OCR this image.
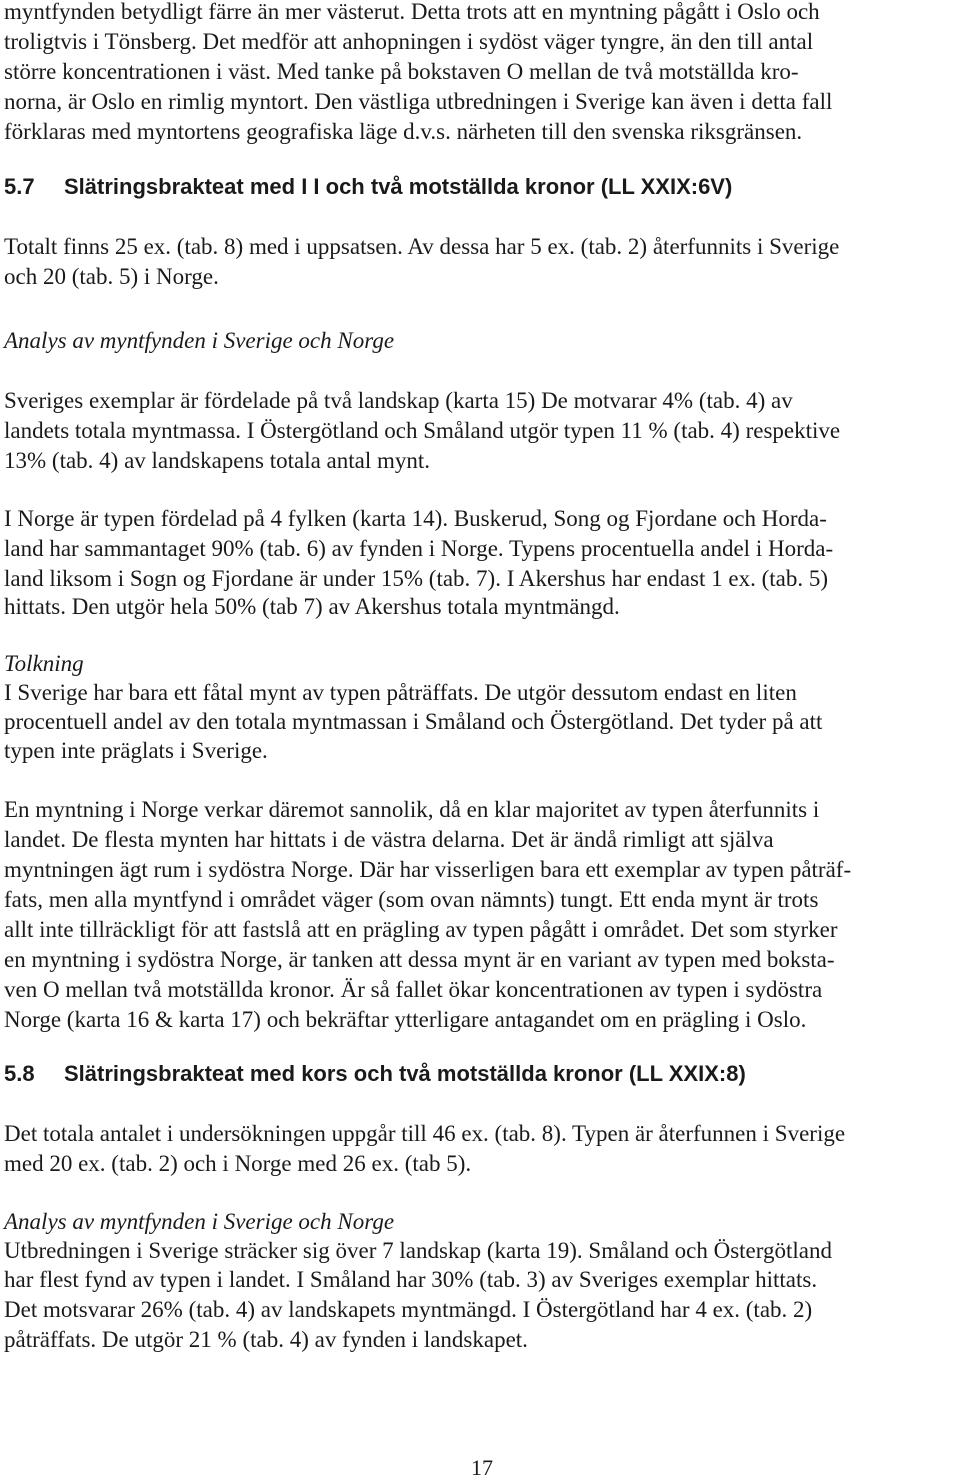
myntfynden betydligt färre än mer västerut. Detta trots att en myntning pågått i Oslo och
troligtvis i Tönsberg. Det medför att anhopningen i sydöst väger tyngre, än den till antal
större koncentrationen i väst. Med tanke på bokstaven O mellan de två motställda kro-
norna, är Oslo en rimlig myntort. Den västliga utbredningen i Sverige kan även i detta fall
förklaras med myntortens geografiska läge d.v.s. närheten till den svenska riksgränsen.
5.7 Slätringsbrakteat med I I och två motställda kronor (LL XXIX:6V)
Totalt finns 25 ex. (tab. 8) med i uppsatsen. Av dessa har 5 ex. (tab. 2) återfunnits i Sverige
och 20 (tab. 5) i Norge.
Analys av myntfynden i Sverige och Norge
Sveriges exemplar är fördelade på två landskap (karta 15) De motvarar 4% (tab. 4) av
landets totala myntmassa. I Östergötland och Småland utgör typen 11 % (tab. 4) respektive
13% (tab. 4) av landskapens totala antal mynt.
I Norge är typen fördelad på 4 fylken (karta 14). Buskerud, Song og Fjordane och Horda-
land har sammantaget 90% (tab. 6) av fynden i Norge. Typens procentuella andel i Horda-
land liksom i Sogn og Fjordane är under 15% (tab. 7). I Akershus har endast 1 ex. (tab. 5)
hittats. Den utgör hela 50% (tab 7) av Akershus totala myntmängd.
Tolkning
I Sverige har bara ett fåtal mynt av typen påträffats. De utgör dessutom endast en liten
procentuell andel av den totala myntmassan i Småland och Östergötland. Det tyder på att
typen inte präglats i Sverige.
En myntning i Norge verkar däremot sannolik, då en klar majoritet av typen återfunnits i
landet. De flesta mynten har hittats i de västra delarna. Det är ändå rimligt att själva
myntningen ägt rum i sydöstra Norge. Där har visserligen bara ett exemplar av typen påträf-
fats, men alla myntfynd i området väger (som ovan nämnts) tungt. Ett enda mynt är trots
allt inte tillräckligt för att fastslå att en prägling av typen pågått i området. Det som styrker
en myntning i sydöstra Norge, är tanken att dessa mynt är en variant av typen med boksta-
ven O mellan två motställda kronor. Är så fallet ökar koncentrationen av typen i sydöstra
Norge (karta 16 & karta 17) och bekräftar ytterligare antagandet om en prägling i Oslo.
5.8 Slätringsbrakteat med kors och två motställda kronor (LL XXIX:8)
Det totala antalet i undersökningen uppgår till 46 ex. (tab. 8). Typen är återfunnen i Sverige
med 20 ex. (tab. 2) och i Norge med 26 ex. (tab 5).
Analys av myntfynden i Sverige och Norge
Utbredningen i Sverige sträcker sig över 7 landskap (karta 19). Småland och Östergötland
har flest fynd av typen i landet. I Småland har 30% (tab. 3) av Sveriges exemplar hittats.
Det motsvarar 26% (tab. 4) av landskapets myntmängd. I Östergötland har 4 ex. (tab. 2)
påträffats. De utgör 21 % (tab. 4) av fynden i landskapet.
17
